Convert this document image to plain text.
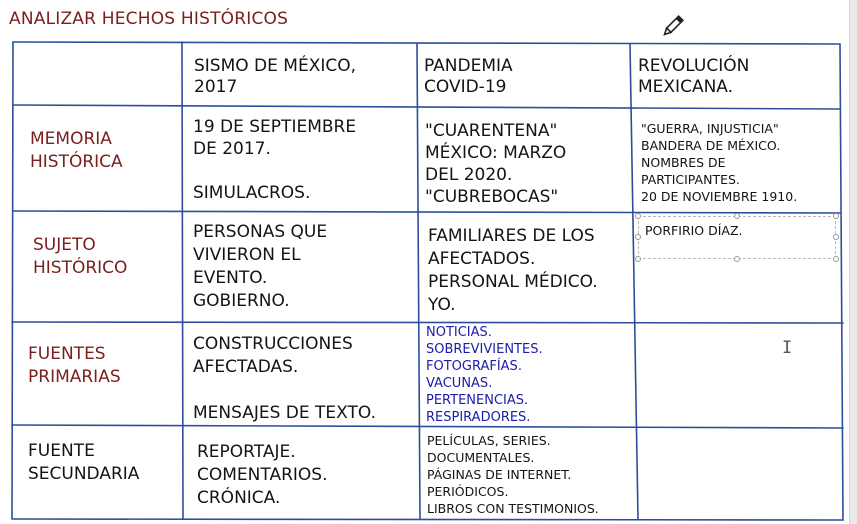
ANALIZAR HECHOS HISTÓRICOS
SISMO DE MÉXICO,
2017
PANDEMIA
COVID-19
REVOLUCIÓN
MEXICANA.
MEMORIA
HISTÓRICA
19 DE SEPTIEMBRE
DE 2017.

SIMULACROS.
"CUARENTENA"
MÉXICO: MARZO
DEL 2020.
"CUBREBOCAS"
"GUERRA, INJUSTICIA"
BANDERA DE MÉXICO.
NOMBRES DE
PARTICIPANTES.
20 DE NOVIEMBRE 1910.
SUJETO
HISTÓRICO
PERSONAS QUE
VIVIERON EL
EVENTO.
GOBIERNO.
FAMILIARES DE LOS
AFECTADOS.
PERSONAL MÉDICO.
YO.
PORFIRIO DÍAZ.
FUENTES
PRIMARIAS
CONSTRUCCIONES
AFECTADAS.

MENSAJES DE TEXTO.
NOTICIAS.
SOBREVIVIENTES.
FOTOGRAFÍAS.
VACUNAS.
PERTENENCIAS.
RESPIRADORES.
I
FUENTE
SECUNDARIA
REPORTAJE.
COMENTARIOS.
CRÓNICA.
PELÍCULAS, SERIES.
DOCUMENTALES.
PÁGINAS DE INTERNET.
PERIÓDICOS.
LIBROS CON TESTIMONIOS.
